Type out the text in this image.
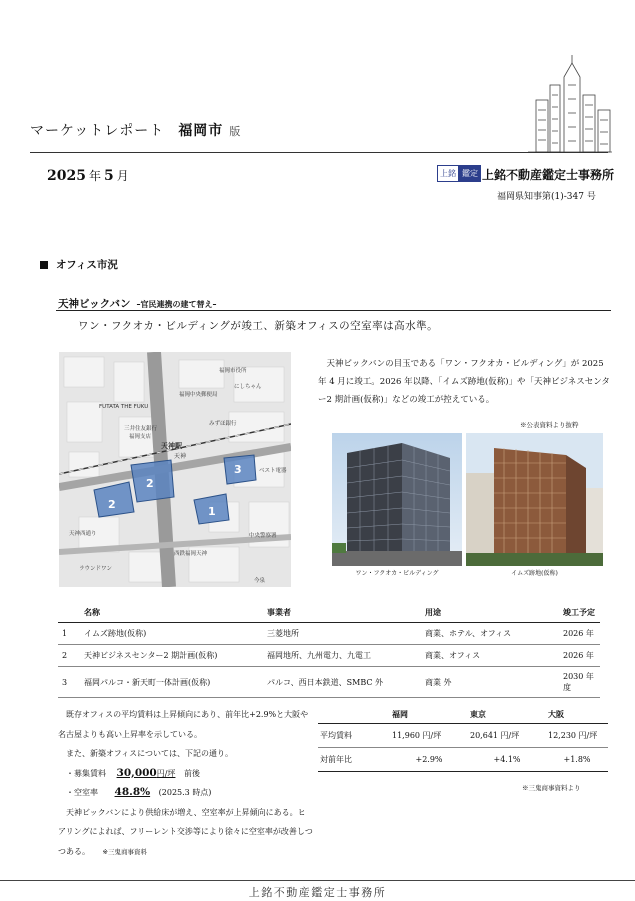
マーケットレポート 福岡市 版
2025 年 5 月	上銘 鑑定 上銘不動産鑑定士事務所
福岡県知事第(1)-347 号
オフィス市況
天神ビックバン –官民連携の建て替え–
ワン・フクオカ・ビルディングが竣工、新築オフィスの空室率は高水準。
2
2
1
3
天神駅
天神
福岡市役所
福岡中央郵便局
FUTATA THE FUKU
三井住友銀行
福岡支店
みずほ銀行
西鉄福岡天神
ラウンドワン
ベスト電器
にしちゃん
天神西通り	中央警察署
今泉
天神ビックバンの目玉である「ワン・フクオカ・ビルディング」が 2025 年 4 月に竣工。2026 年以降、「イムズ跡地(仮称)」や「天神ビジネスセンター2 期計画(仮称)」などの竣工が控えている。
※公表資料より抜粋
ワン・フクオカ・ビルディング	イムズ跡地(仮称)
	名称	事業者	用途	竣工予定
1	イムズ跡地(仮称)	三菱地所	商業、ホテル、オフィス	2026 年
2	天神ビジネスセンター2 期計画(仮称)	福岡地所、九州電力、九電工	商業、オフィス	2026 年
3	福岡パルコ・新天町一体計画(仮称)	パルコ、西日本鉄道、SMBC 外	商業 外	2030 年度
既存オフィスの平均賃料は上昇傾向にあり、前年比+2.9%と大阪や名古屋よりも高い上昇率を示している。
また、新築オフィスについては、下記の通り。
・募集賃料 30,000円/坪 前後
・空室率 48.8% (2025.3 時点)
天神ビックバンにより供給床が増え、空室率が上昇傾向にある。ヒアリングによれば、フリーレント交渉等により徐々に空室率が改善しつつある。 ※三鬼商事資料
	福岡	東京	大阪
平均賃料	11,960 円/坪	20,641 円/坪	12,230 円/坪
対前年比	+2.9%	+4.1%	+1.8%
※三鬼商事資料より
上銘不動産鑑定士事務所
